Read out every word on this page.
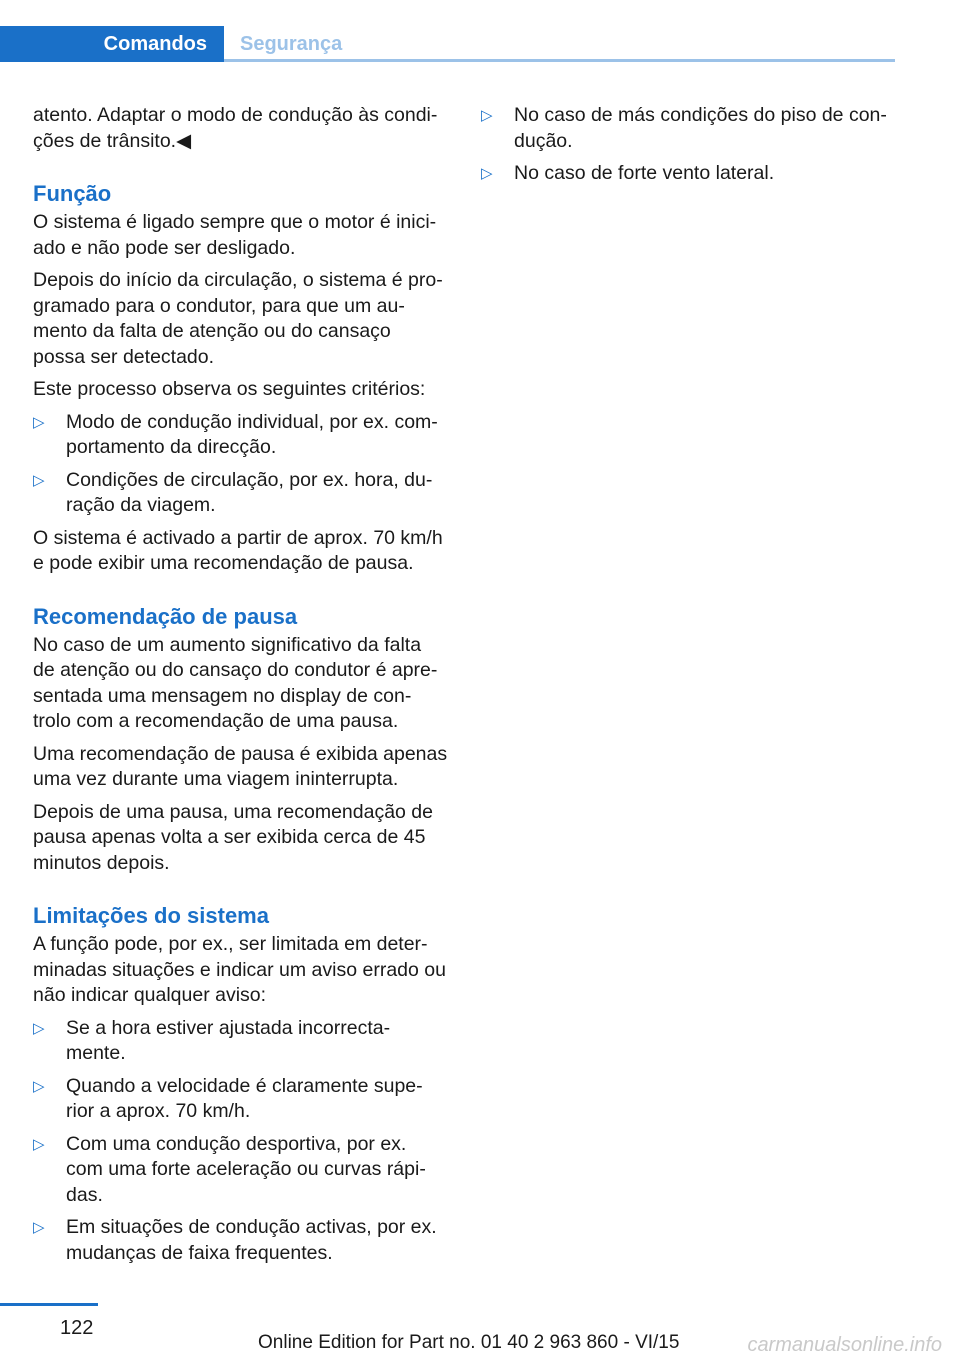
Comandos	Segurança

atento. Adaptar o modo de condução às condi‐ções de trânsito.◀

Função

O sistema é ligado sempre que o motor é inici‐ado e não pode ser desligado.

Depois do início da circulação, o sistema é pro‐gramado para o condutor, para que um au‐mento da falta de atenção ou do cansaço possa ser detectado.

Este processo observa os seguintes critérios:

▷ Modo de condução individual, por ex. com‐portamento da direcção.
▷ Condições de circulação, por ex. hora, du‐ração da viagem.

O sistema é activado a partir de aprox. 70 km/h e pode exibir uma recomendação de pausa.

Recomendação de pausa

No caso de um aumento significativo da falta de atenção ou do cansaço do condutor é apre‐sentada uma mensagem no display de con‐trolo com a recomendação de uma pausa.

Uma recomendação de pausa é exibida apenas uma vez durante uma viagem ininterrupta.

Depois de uma pausa, uma recomendação de pausa apenas volta a ser exibida cerca de 45 minutos depois.

Limitações do sistema

A função pode, por ex., ser limitada em deter‐minadas situações e indicar um aviso errado ou não indicar qualquer aviso:

▷ Se a hora estiver ajustada incorrecta‐mente.
▷ Quando a velocidade é claramente supe‐rior a aprox. 70 km/h.
▷ Com uma condução desportiva, por ex. com uma forte aceleração ou curvas rápi‐das.
▷ Em situações de condução activas, por ex. mudanças de faixa frequentes.
▷ No caso de más condições do piso de con‐dução.
▷ No caso de forte vento lateral.
122
Online Edition for Part no. 01 40 2 963 860 - VI/15	carmanualsonline.info
